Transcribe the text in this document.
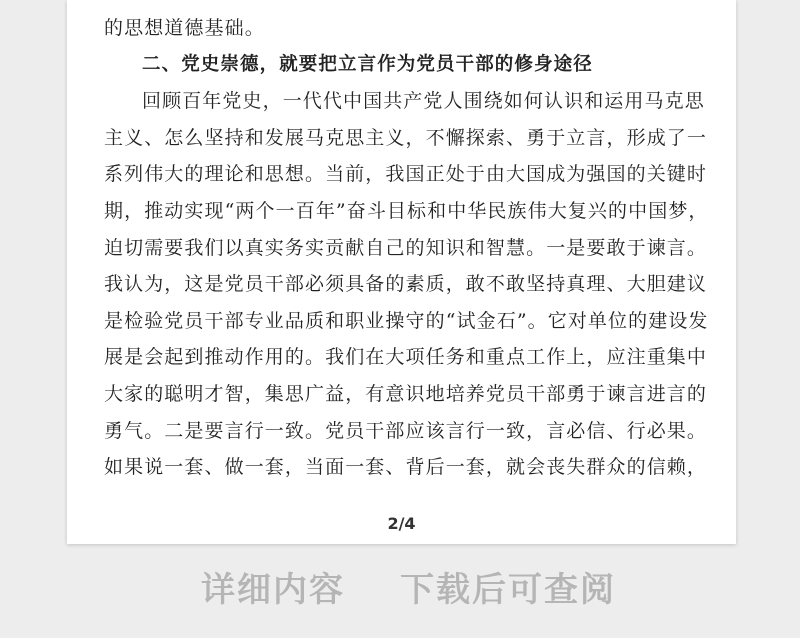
的思想道德基础。
二、党史崇德，就要把立言作为党员干部的修身途径
回顾百年党史，一代代中国共产党人围绕如何认识和运用马克思
主义、怎么坚持和发展马克思主义，不懈探索、勇于立言，形成了一
系列伟大的理论和思想。当前，我国正处于由大国成为强国的关键时
期，推动实现“两个一百年”奋斗目标和中华民族伟大复兴的中国梦，
迫切需要我们以真实务实贡献自己的知识和智慧。一是要敢于谏言。
我认为，这是党员干部必须具备的素质，敢不敢坚持真理、大胆建议
是检验党员干部专业品质和职业操守的“试金石”。它对单位的建设发
展是会起到推动作用的。我们在大项任务和重点工作上，应注重集中
大家的聪明才智，集思广益，有意识地培养党员干部勇于谏言进言的
勇气。二是要言行一致。党员干部应该言行一致，言必信、行必果。
如果说一套、做一套，当面一套、背后一套，就会丧失群众的信赖，

2/4
详细内容 下载后可查阅
